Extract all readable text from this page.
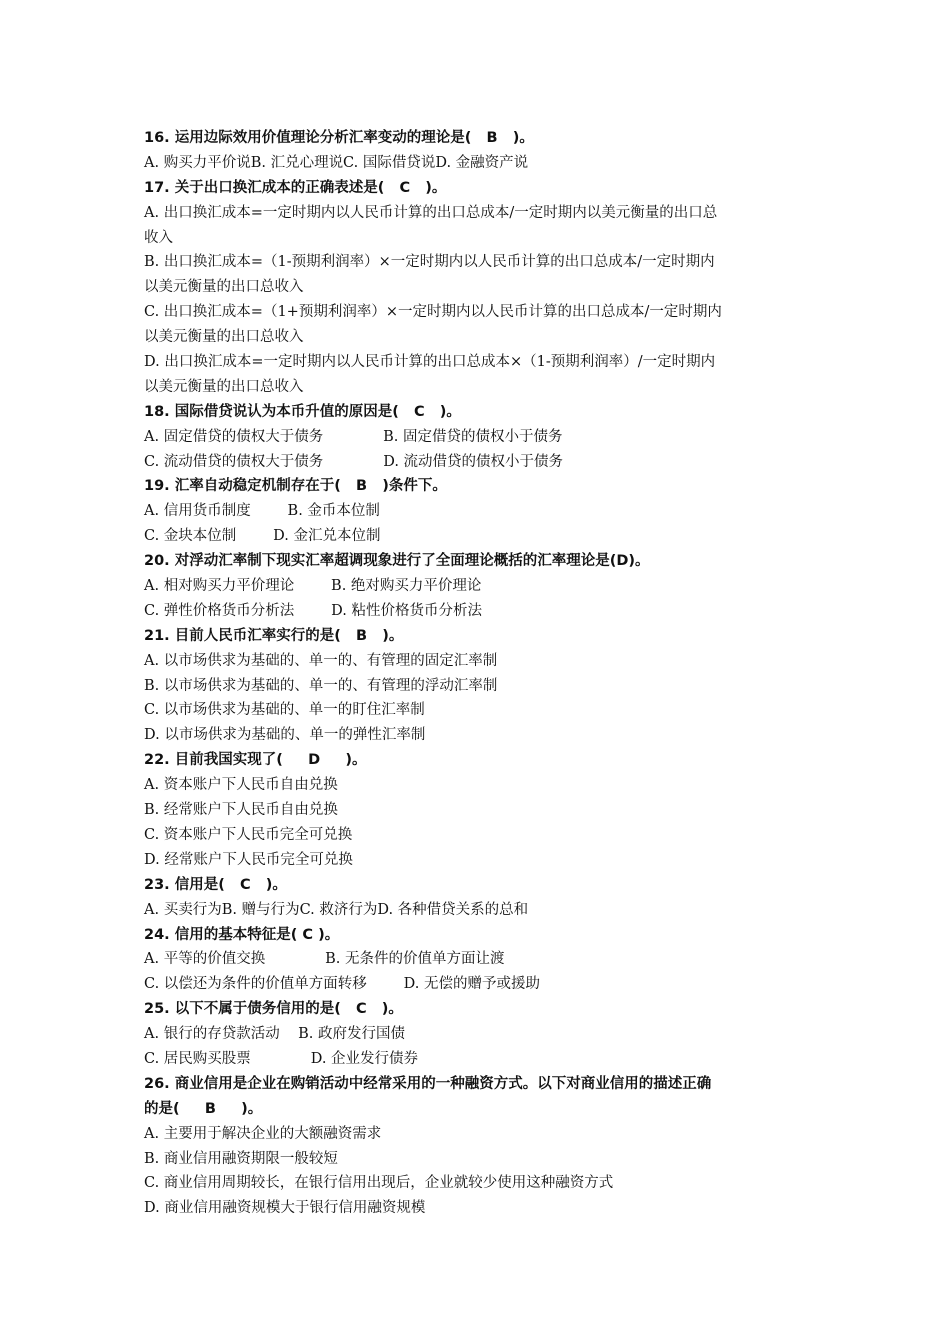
16. 运用边际效用价值理论分析汇率变动的理论是(   B   )。
A. 购买力平价说B. 汇兑心理说C. 国际借贷说D. 金融资产说
17. 关于出口换汇成本的正确表述是(   C   )。
A. 出口换汇成本=一定时期内以人民币计算的出口总成本/一定时期内以美元衡量的出口总
收入
B. 出口换汇成本=（1-预期利润率）×一定时期内以人民币计算的出口总成本/一定时期内
以美元衡量的出口总收入
C. 出口换汇成本=（1+预期利润率）×一定时期内以人民币计算的出口总成本/一定时期内
以美元衡量的出口总收入
D. 出口换汇成本=一定时期内以人民币计算的出口总成本×（1-预期利润率）/一定时期内
以美元衡量的出口总收入
18. 国际借贷说认为本币升值的原因是(   C   )。
A. 固定借贷的债权大于债务             B. 固定借贷的债权小于债务
C. 流动借贷的债权大于债务             D. 流动借贷的债权小于债务
19. 汇率自动稳定机制存在于(   B   )条件下。
A. 信用货币制度        B. 金币本位制
C. 金块本位制        D. 金汇兑本位制
20. 对浮动汇率制下现实汇率超调现象进行了全面理论概括的汇率理论是(D)。
A. 相对购买力平价理论        B. 绝对购买力平价理论
C. 弹性价格货币分析法        D. 粘性价格货币分析法
21. 目前人民币汇率实行的是(   B   )。
A. 以市场供求为基础的、单一的、有管理的固定汇率制
B. 以市场供求为基础的、单一的、有管理的浮动汇率制
C. 以市场供求为基础的、单一的盯住汇率制
D. 以市场供求为基础的、单一的弹性汇率制
22. 目前我国实现了(     D     )。
A. 资本账户下人民币自由兑换
B. 经常账户下人民币自由兑换
C. 资本账户下人民币完全可兑换
D. 经常账户下人民币完全可兑换
23. 信用是(   C   )。
A. 买卖行为B. 赠与行为C. 救济行为D. 各种借贷关系的总和
24. 信用的基本特征是( C )。
A. 平等的价值交换             B. 无条件的价值单方面让渡
C. 以偿还为条件的价值单方面转移        D. 无偿的赠予或援助
25. 以下不属于债务信用的是(   C   )。
A. 银行的存贷款活动    B. 政府发行国债
C. 居民购买股票             D. 企业发行债券
26. 商业信用是企业在购销活动中经常采用的一种融资方式。以下对商业信用的描述正确
的是(     B     )。
A. 主要用于解决企业的大额融资需求
B. 商业信用融资期限一般较短
C. 商业信用周期较长，在银行信用出现后，企业就较少使用这种融资方式
D. 商业信用融资规模大于银行信用融资规模
